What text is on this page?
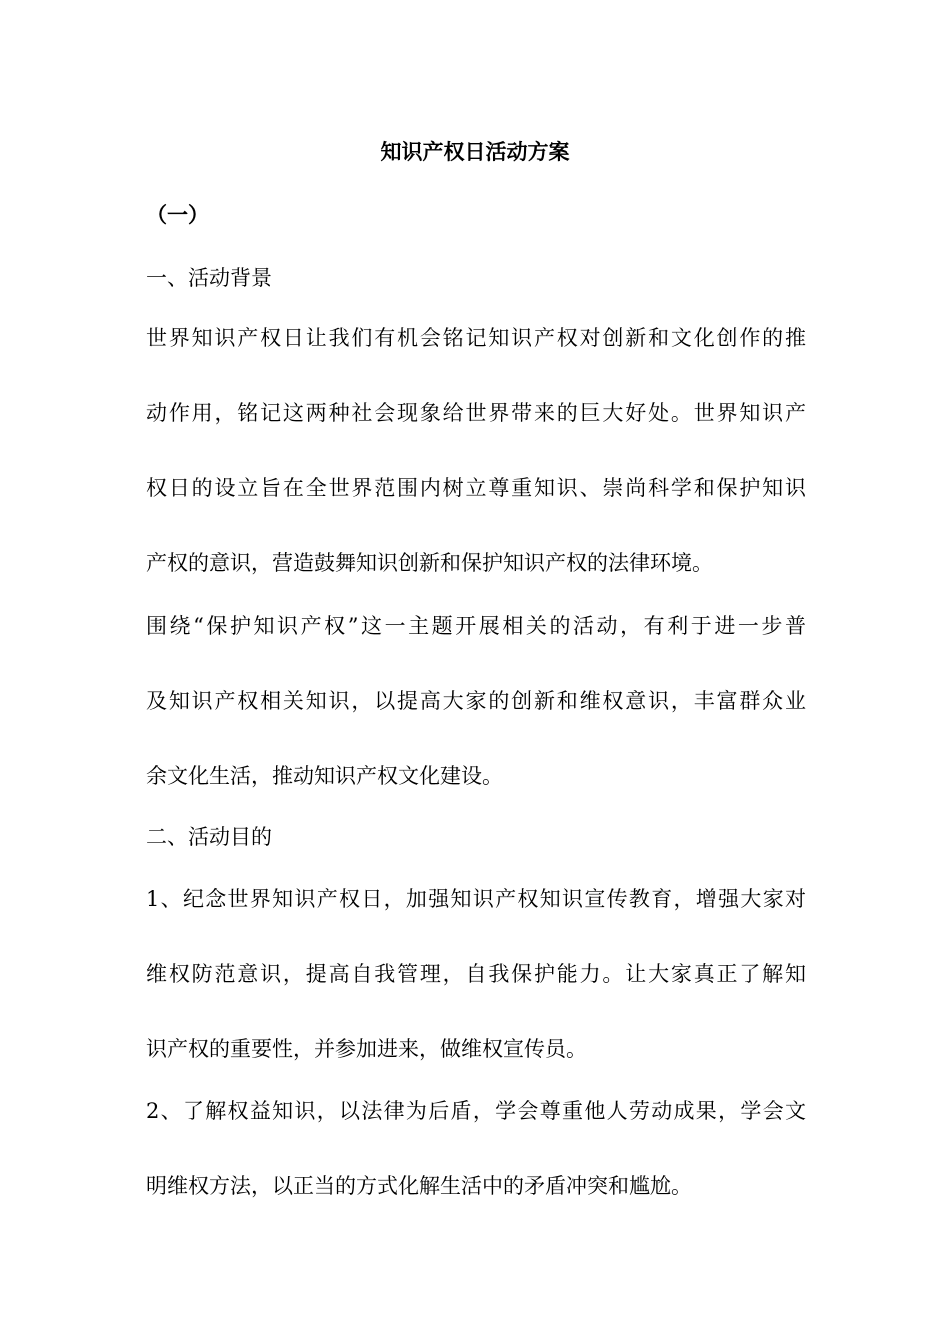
知识产权日活动方案
（一）
一、活动背景
世界知识产权日让我们有机会铭记知识产权对创新和文化创作的推
动作用，铭记这两种社会现象给世界带来的巨大好处。世界知识产
权日的设立旨在全世界范围内树立尊重知识、崇尚科学和保护知识
产权的意识，营造鼓舞知识创新和保护知识产权的法律环境。
围绕“保护知识产权”这一主题开展相关的活动，有利于进一步普
及知识产权相关知识，以提高大家的创新和维权意识，丰富群众业
余文化生活，推动知识产权文化建设。
二、活动目的
1、纪念世界知识产权日，加强知识产权知识宣传教育，增强大家对
维权防范意识，提高自我管理，自我保护能力。让大家真正了解知
识产权的重要性，并参加进来，做维权宣传员。
2、了解权益知识，以法律为后盾，学会尊重他人劳动成果，学会文
明维权方法，以正当的方式化解生活中的矛盾冲突和尴尬。
